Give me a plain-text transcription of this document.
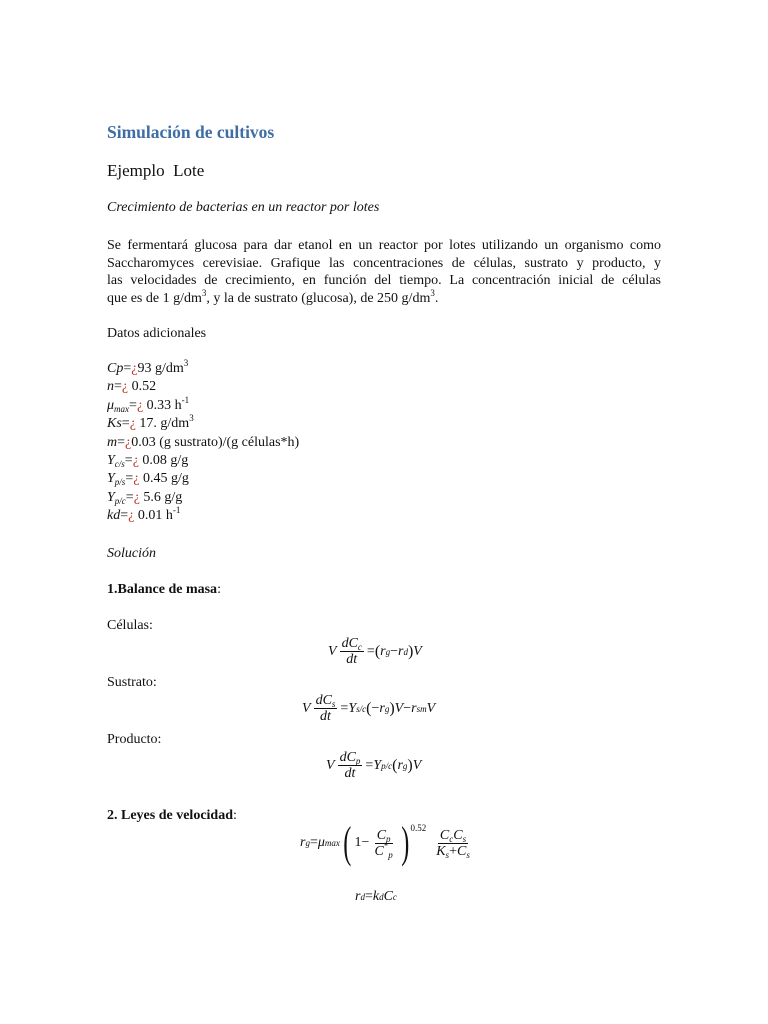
Simulación de cultivos
Ejemplo  Lote
Crecimiento de bacterias en un reactor por lotes
Se fermentará glucosa para dar etanol en un reactor por lotes utilizando un organismo como
Saccharomyces cerevisiae. Grafique las concentraciones de células, sustrato y producto, y
las velocidades de crecimiento, en función del tiempo. La concentración inicial de células
que es de 1 $g/dm^3$, y la de sustrato (glucosa), de 250 $g/dm^3$.
Datos adicionales
Cp=¿93 $g/dm^3$
n=¿ 0.52
$\mu_{max}=¿$ 0.33 $h^{-1}$
Ks=¿ 17. $g/dm^3$
m=¿0.03 (g sustrato)/(g células*h)
$Y_{c/s}=¿$ 0.08 g/g
$Y_{p/s}=¿$ 0.45 g/g
$Y_{p/c}=¿$ 5.6 g/g
kd=¿ 0.01 $h^{-1}$
Solución
1.Balance de masa:
Células:
V $\frac{dC_c}{dt}$ = ( r g − r d ) V
Sustrato:
V $\frac{dC_s}{dt} = Y$ s/c ( − r g ) V − r sm V
Producto:
V $\frac{dC_p}{dt} = Y$ p/c ( r g ) V
2. Leyes de velocidad:
r g = μ max ( $1- \frac{C_p}{C^*_p}$ ) $0.52 \frac{C_cC_s}{K_s+C_s}$
r d = k d C c
